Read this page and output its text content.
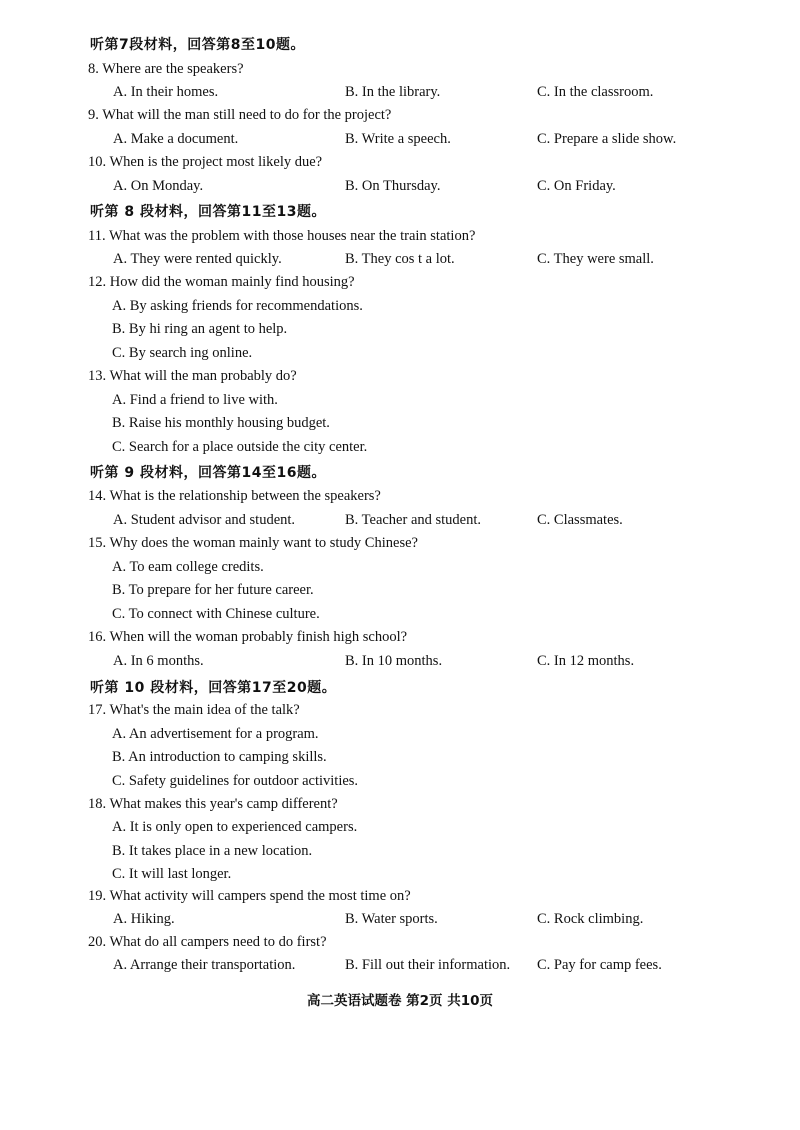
听第7段材料，回答第8至10题。
8. Where are the speakers?
A. In their homes.	B. In the library.	C. In the classroom.
9. What will the man still need to do for the project?
A. Make a document.	B. Write a speech.	C. Prepare a slide show.
10. When is the project most likely due?
A. On Monday.	B. On Thursday.	C. On Friday.
听第 8 段材料，回答第11至13题。
11. What was the problem with those houses near the train station?
A. They were rented quickly.	B. They cos t a lot.	C. They were small.
12. How did the woman mainly find housing?
A. By asking friends for recommendations.
B. By hi ring an agent to help.
C. By search ing online.
13. What will the man probably do?
A. Find a friend to live with.
B. Raise his monthly housing budget.
C. Search for a place outside the city center.
听第 9 段材料，回答第14至16题。
14. What is the relationship between the speakers?
A. Student advisor and student.	B. Teacher and student.	C. Classmates.
15. Why does the woman mainly want to study Chinese?
A. To eam college credits.
B. To prepare for her future career.
C. To connect with Chinese culture.
16. When will the woman probably finish high school?
A. In 6 months.	B. In 10 months.	C. In 12 months.
听第 10 段材料，回答第17至20题。
17. What's the main idea of the talk?
A. An advertisement for a program.
B. An introduction to camping skills.
C. Safety guidelines for outdoor activities.
18. What makes this year's camp different?
A. It is only open to experienced campers.
B. It takes place in a new location.
C. It will last longer.
19. What activity will campers spend the most time on?
A. Hiking.	B. Water sports.	C. Rock climbing.
20. What do all campers need to do first?
A. Arrange their transportation.	B. Fill out their information. C. Pay for camp fees.
高二英语试题卷 第2页 共10页
